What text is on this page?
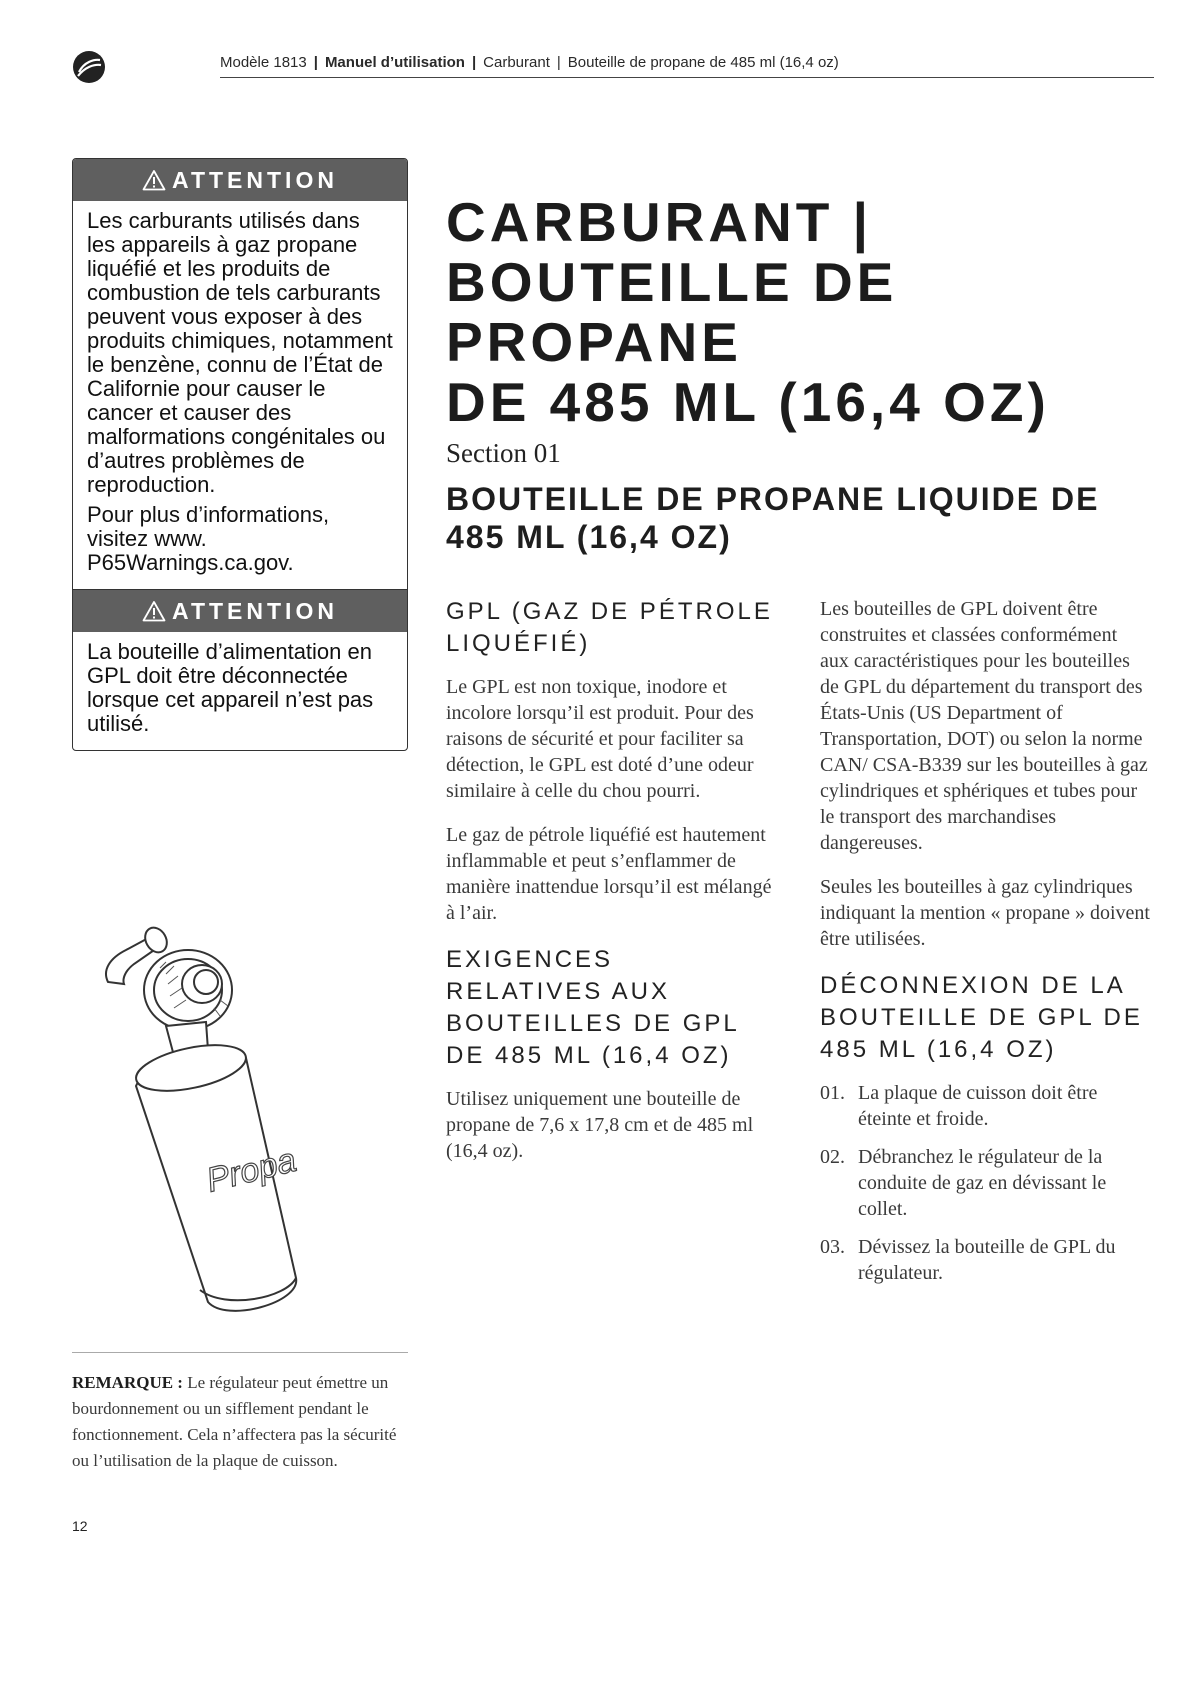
Modèle 1813 | Manuel d’utilisation | Carburant | Bouteille de propane de 485 ml (16,4 oz)
ATTENTION

Les carburants utilisés dans les appareils à gaz propane liquéfié et les produits de combustion de tels carburants peuvent vous exposer à des produits chimiques, notamment le benzène, connu de l’État de Californie pour causer le cancer et causer des malformations congénitales ou d’autres problèmes de reproduction.

Pour plus d’informations, visitez www. P65Warnings.ca.gov.

ATTENTION

La bouteille d’alimentation en GPL doit être déconnectée lorsque cet appareil n’est pas utilisé.

CARBURANT |
BOUTEILLE DE PROPANE
DE 485 ML (16,4 OZ)
Section 01
BOUTEILLE DE PROPANE LIQUIDE DE 485 ML (16,4 OZ)
GPL (GAZ DE PÉTROLE LIQUÉFIÉ)

Le GPL est non toxique, inodore et incolore lorsqu’il est produit. Pour des raisons de sécurité et pour faciliter sa détection, le GPL est doté d’une odeur similaire à celle du chou pourri.

Le gaz de pétrole liquéfié est hautement inflammable et peut s’enflammer de manière inattendue lorsqu’il est mélangé à l’air.

EXIGENCES RELATIVES AUX BOUTEILLES DE GPL DE 485 ML (16,4 OZ)

Utilisez uniquement une bouteille de propane de 7,6 x 17,8 cm et de 485 ml (16,4 oz).

Les bouteilles de GPL doivent être construites et classées conformément aux caractéristiques pour les bouteilles de GPL du département du transport des États-Unis (US Department of Transportation, DOT) ou selon la norme CAN/ CSA-B339 sur les bouteilles à gaz cylindriques et sphériques et tubes pour le transport des marchandises dangereuses.

Seules les bouteilles à gaz cylindriques indiquant la mention « propane » doivent être utilisées.

DÉCONNEXION DE LA BOUTEILLE DE GPL DE 485 ML (16,4 OZ)
01. La plaque de cuisson doit être éteinte et froide.
02. Débranchez le régulateur de la conduite de gaz en dévissant le collet.
03. Dévissez la bouteille de GPL du régulateur.
Propa
REMARQUE : Le régulateur peut émettre un bourdonnement ou un sifflement pendant le fonctionnement. Cela n’affectera pas la sécurité ou l’utilisation de la plaque de cuisson.
12
